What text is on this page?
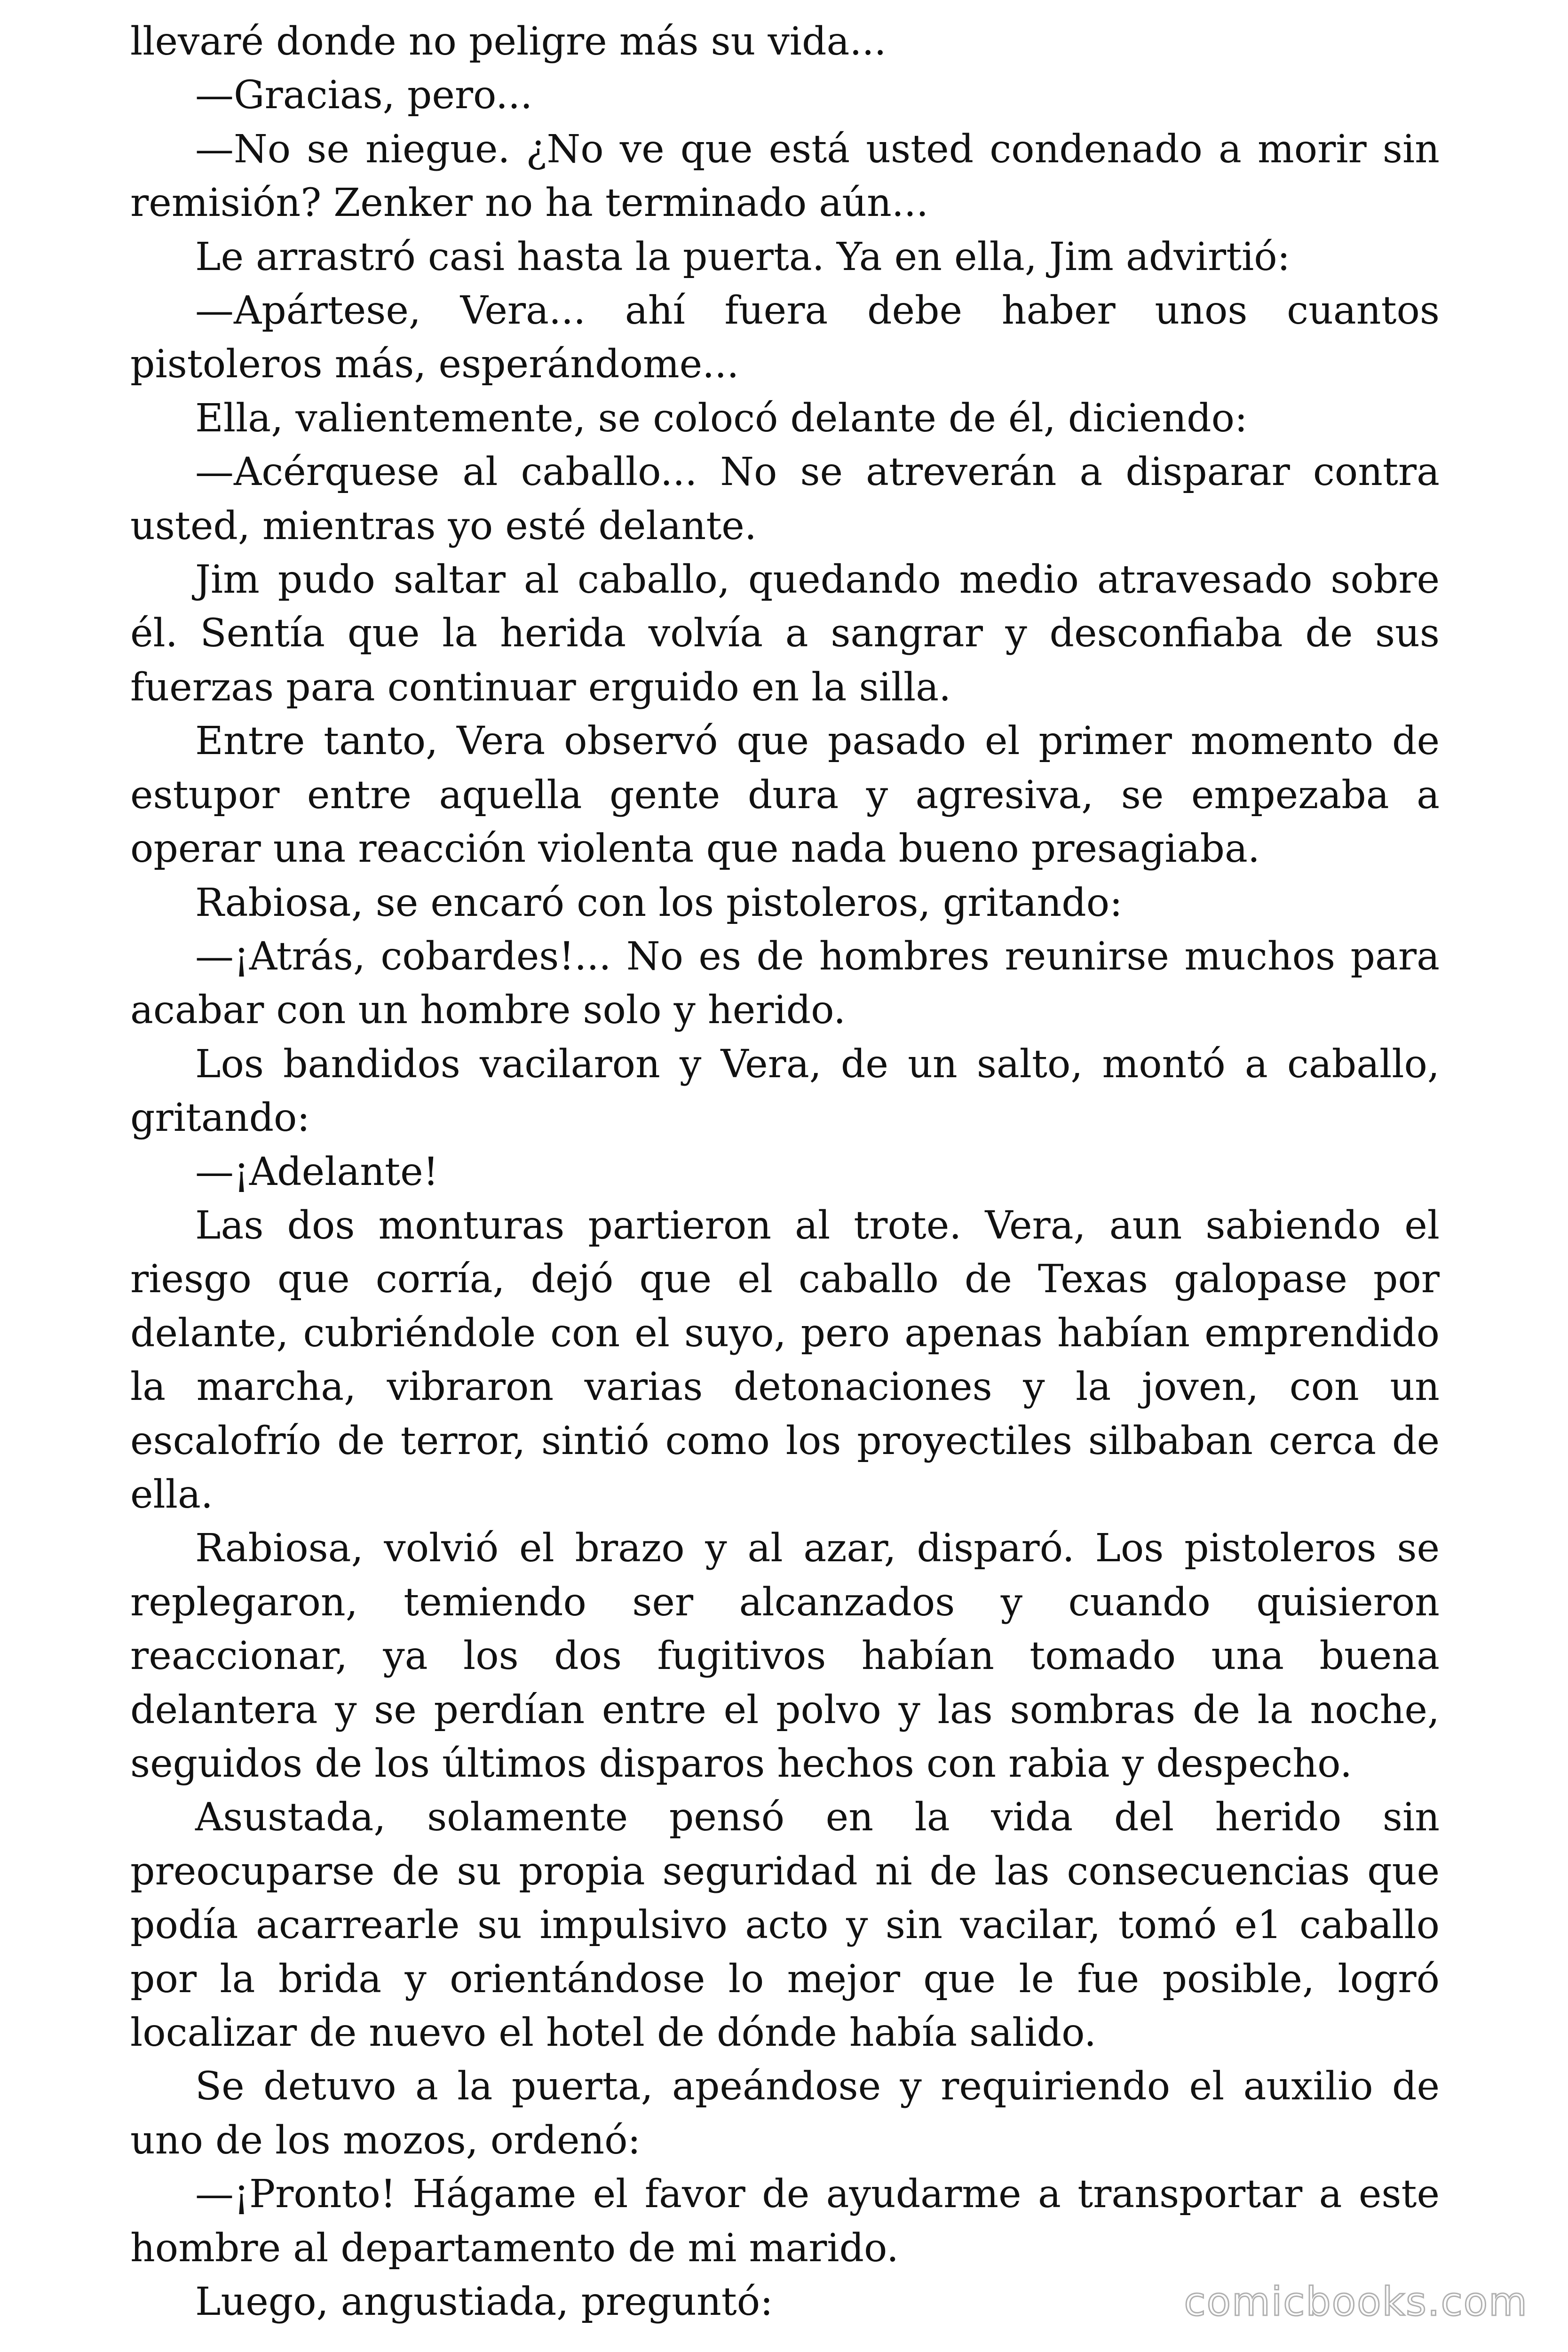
llevaré donde no peligre más su vida...

—Gracias, pero...

—No se niegue. ¿No ve que está usted condenado a morir sin remisión? Zenker no ha terminado aún...

Le arrastró casi hasta la puerta. Ya en ella, Jim advirtió:

—Apártese, Vera... ahí fuera debe haber unos cuantos pistoleros más, esperándome...

Ella, valientemente, se colocó delante de él, diciendo:

—Acérquese al caballo... No se atreverán a disparar contra usted, mientras yo esté delante.

Jim pudo saltar al caballo, quedando medio atravesado sobre él. Sentía que la herida volvía a sangrar y desconfiaba de sus fuerzas para continuar erguido en la silla.

Entre tanto, Vera observó que pasado el primer momento de estupor entre aquella gente dura y agresiva, se empezaba a operar una reacción violenta que nada bueno presagiaba.

Rabiosa, se encaró con los pistoleros, gritando:

—¡Atrás, cobardes!... No es de hombres reunirse muchos para acabar con un hombre solo y herido.

Los bandidos vacilaron y Vera, de un salto, montó a caballo, gritando:

—¡Adelante!

Las dos monturas partieron al trote. Vera, aun sabiendo el riesgo que corría, dejó que el caballo de Texas galopase por delante, cubriéndole con el suyo, pero apenas habían emprendido la marcha, vibraron varias detonaciones y la joven, con un escalofrío de terror, sintió como los proyectiles silbaban cerca de ella.

Rabiosa, volvió el brazo y al azar, disparó. Los pistoleros se replegaron, temiendo ser alcanzados y cuando quisieron reaccionar, ya los dos fugitivos habían tomado una buena delantera y se perdían entre el polvo y las sombras de la noche, seguidos de los últimos disparos hechos con rabia y despecho.

Asustada, solamente pensó en la vida del herido sin preocuparse de su propia seguridad ni de las consecuencias que podía acarrearle su impulsivo acto y sin vacilar, tomó e1 caballo por la brida y orientándose lo mejor que le fue posible, logró localizar de nuevo el hotel de dónde había salido.

Se detuvo a la puerta, apeándose y requiriendo el auxilio de uno de los mozos, ordenó:

—¡Pronto! Hágame el favor de ayudarme a transportar a este hombre al departamento de mi marido.

Luego, angustiada, preguntó:	comicbooks.com
